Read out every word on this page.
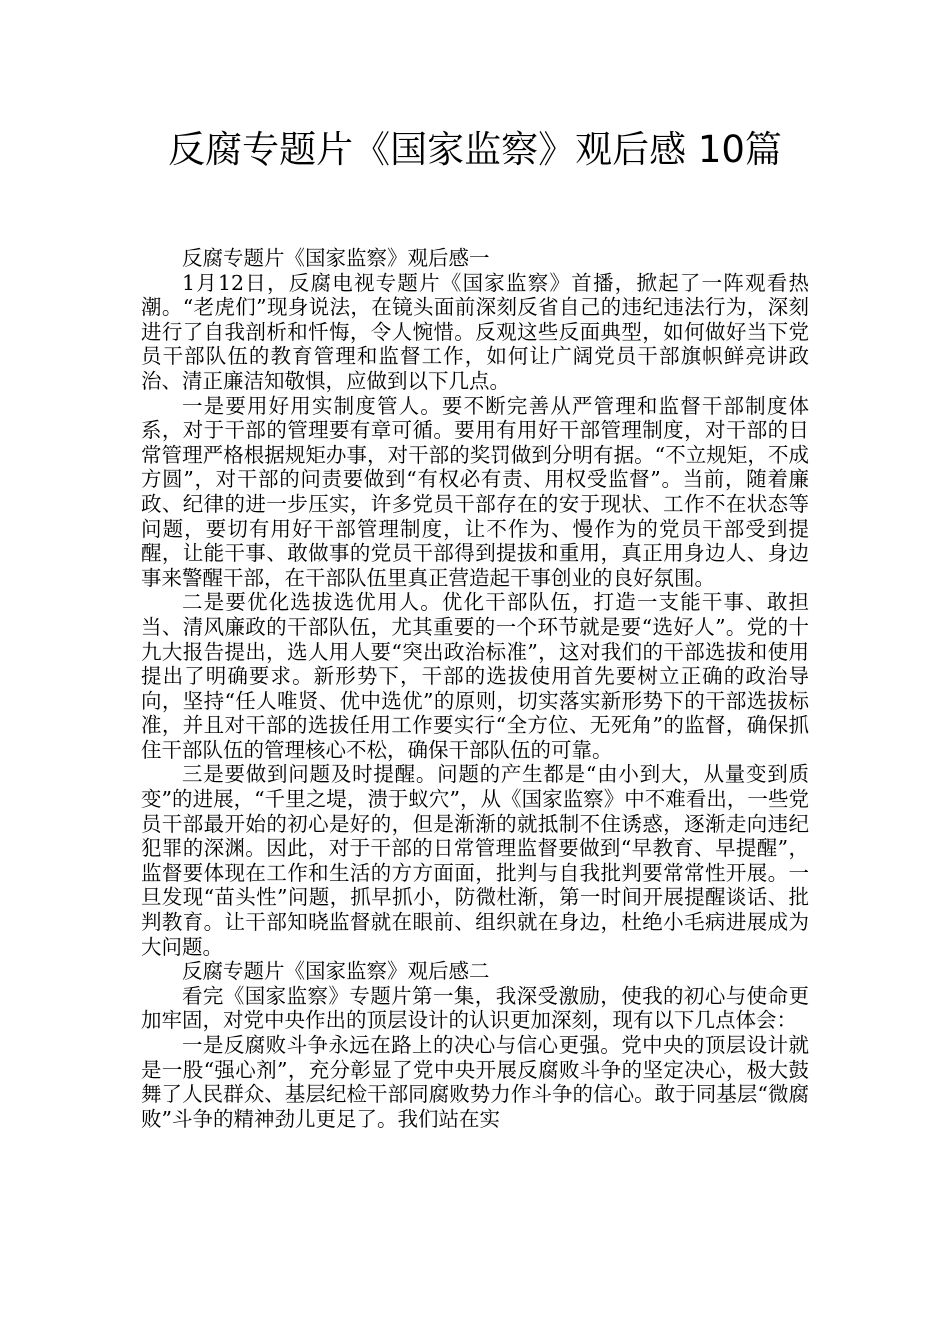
反腐专题片《国家监察》观后感 10篇

反腐专题片《国家监察》观后感一

1月12日，反腐电视专题片《国家监察》首播，掀起了一阵观看热潮。“老虎们”现身说法，在镜头面前深刻反省自己的违纪违法行为，深刻进行了自我剖析和忏悔，令人惋惜。反观这些反面典型，如何做好当下党员干部队伍的教育管理和监督工作，如何让广阔党员干部旗帜鲜亮讲政治、清正廉洁知敬惧，应做到以下几点。

一是要用好用实制度管人。要不断完善从严管理和监督干部制度体系，对于干部的管理要有章可循。要用有用好干部管理制度，对干部的日常管理严格根据规矩办事，对干部的奖罚做到分明有据。“不立规矩，不成方圆”，对干部的问责要做到“有权必有责、用权受监督”。当前，随着廉政、纪律的进一步压实，许多党员干部存在的安于现状、工作不在状态等问题，要切有用好干部管理制度，让不作为、慢作为的党员干部受到提醒，让能干事、敢做事的党员干部得到提拔和重用，真正用身边人、身边事来警醒干部，在干部队伍里真正营造起干事创业的良好氛围。

二是要优化选拔选优用人。优化干部队伍，打造一支能干事、敢担当、清风廉政的干部队伍，尤其重要的一个环节就是要“选好人”。党的十九大报告提出，选人用人要“突出政治标准”，这对我们的干部选拔和使用提出了明确要求。新形势下，干部的选拔使用首先要树立正确的政治导向，坚持“任人唯贤、优中选优”的原则，切实落实新形势下的干部选拔标准，并且对干部的选拔任用工作要实行“全方位、无死角”的监督，确保抓住干部队伍的管理核心不松，确保干部队伍的可靠。

三是要做到问题及时提醒。问题的产生都是“由小到大，从量变到质变”的进展，“千里之堤，溃于蚁穴”，从《国家监察》中不难看出，一些党员干部最开始的初心是好的，但是渐渐的就抵制不住诱惑，逐渐走向违纪犯罪的深渊。因此，对于干部的日常管理监督要做到“早教育、早提醒”，监督要体现在工作和生活的方方面面，批判与自我批判要常常性开展。一旦发现“苗头性”问题，抓早抓小，防微杜渐，第一时间开展提醒谈话、批判教育。让干部知晓监督就在眼前、组织就在身边，杜绝小毛病进展成为大问题。

反腐专题片《国家监察》观后感二

看完《国家监察》专题片第一集，我深受激励，使我的初心与使命更加牢固，对党中央作出的顶层设计的认识更加深刻，现有以下几点体会：

一是反腐败斗争永远在路上的决心与信心更强。党中央的顶层设计就是一股“强心剂”，充分彰显了党中央开展反腐败斗争的坚定决心，极大鼓舞了人民群众、基层纪检干部同腐败势力作斗争的信心。敢于同基层“微腐败”斗争的精神劲儿更足了。我们站在实
